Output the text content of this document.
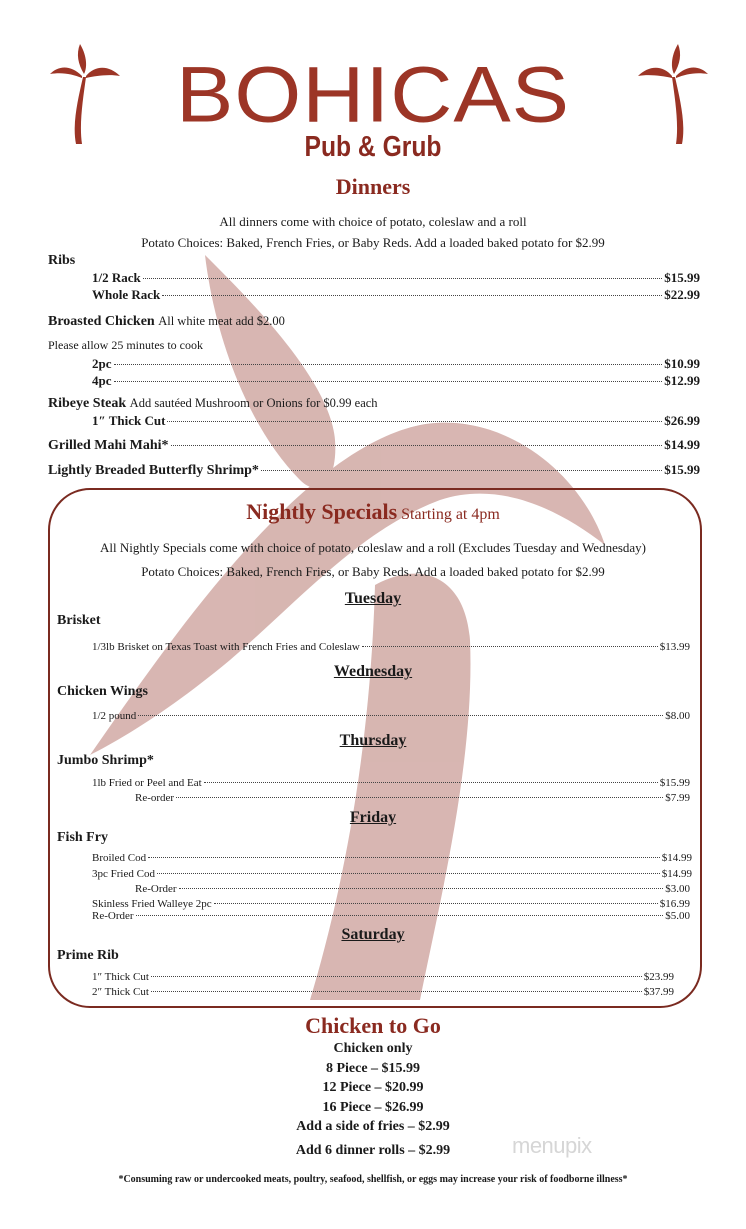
BOHICAS
Pub & Grub
Dinners
All dinners come with choice of potato, coleslaw and a roll
Potato Choices: Baked, French Fries, or Baby Reds. Add a loaded baked potato for $2.99
Ribs
1/2 Rack	$15.99
Whole Rack	$22.99
Broasted Chicken All white meat add $2.00
Please allow 25 minutes to cook
2pc	$10.99
4pc	$12.99
Ribeye Steak Add sautéed Mushroom or Onions for $0.99 each
1″ Thick Cut	$26.99
Grilled Mahi Mahi*	$14.99
Lightly Breaded Butterfly Shrimp*	$15.99
Nightly Specials Starting at 4pm
All Nightly Specials come with choice of potato, coleslaw and a roll (Excludes Tuesday and Wednesday)
Potato Choices: Baked, French Fries, or Baby Reds. Add a loaded baked potato for $2.99
Tuesday
Brisket
1/3lb Brisket on Texas Toast with French Fries and Coleslaw	$13.99
Wednesday
Chicken Wings
1/2 pound	$8.00
Thursday
Jumbo Shrimp*
1lb Fried or Peel and Eat	$15.99
Re-order	$7.99
Friday
Fish Fry
Broiled Cod	$14.99
3pc Fried Cod	$14.99
Re-Order	$3.00
Skinless Fried Walleye 2pc	$16.99
Re-Order	$5.00
Saturday
Prime Rib
1″ Thick Cut	$23.99
2″ Thick Cut	$37.99
Chicken to Go
Chicken only
8 Piece – $15.99
12 Piece – $20.99
16 Piece – $26.99
Add a side of fries – $2.99
Add 6 dinner rolls – $2.99	menupix
*Consuming raw or undercooked meats, poultry, seafood, shellfish, or eggs may increase your risk of foodborne illness*
